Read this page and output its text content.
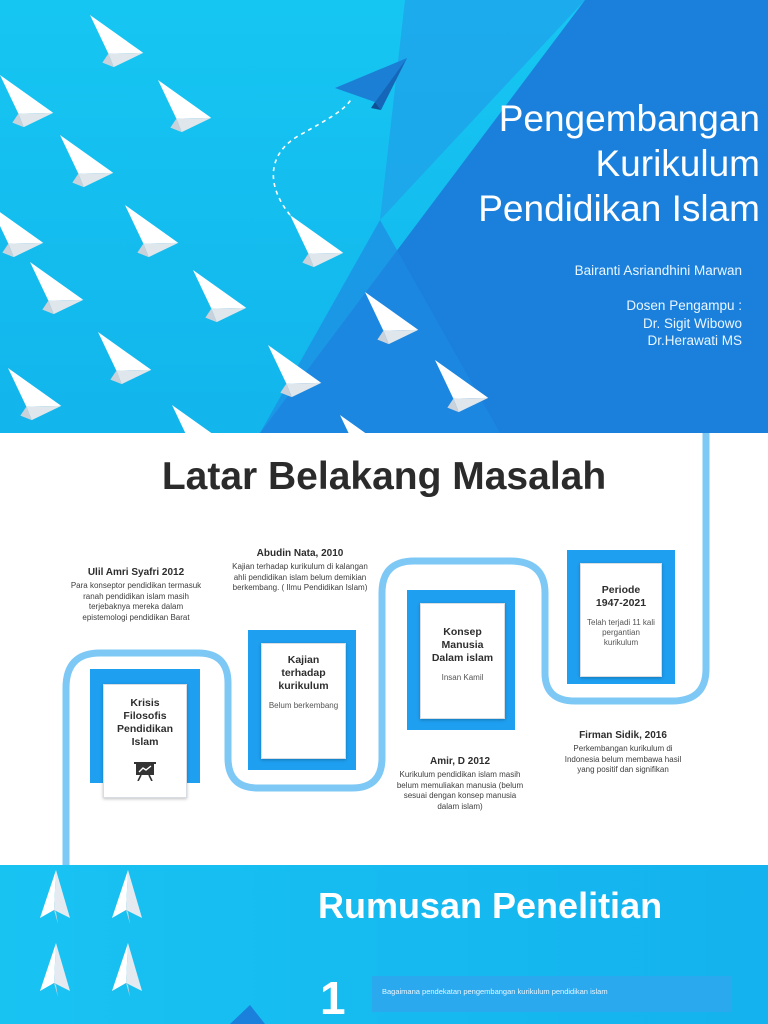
Pengembangan
Kurikulum
Pendidikan Islam
Bairanti Asriandhini Marwan
Dosen Pengampu :
Dr. Sigit Wibowo
Dr.Herawati MS
Latar Belakang Masalah
Krisis Filosofis Pendidikan Islam
Kajian terhadap kurikulum
Belum berkembang
Konsep Manusia Dalam islam
Insan Kamil
Periode 1947-2021
Telah terjadi 11 kali pergantian kurikulum
Ulil Amri Syafri 2012
Para konseptor pendidikan termasuk ranah pendidikan islam masih terjebaknya mereka dalam epistemologi pendidikan Barat
Abudin Nata, 2010
Kajian terhadap kurikulum di kalangan ahli pendidikan islam belum demikian berkembang. ( Ilmu Pendidikan Islam)
Amir, D 2012
Kurikulum pendidikan islam masih belum memuliakan manusia (belum sesuai dengan konsep manusia dalam islam)
Firman Sidik, 2016
Perkembangan kurikulum di Indonesia belum membawa hasil yang positif dan signifikan
Rumusan Penelitian
1	Bagaimana pendekatan pengembangan kurikulum pendidikan islam
